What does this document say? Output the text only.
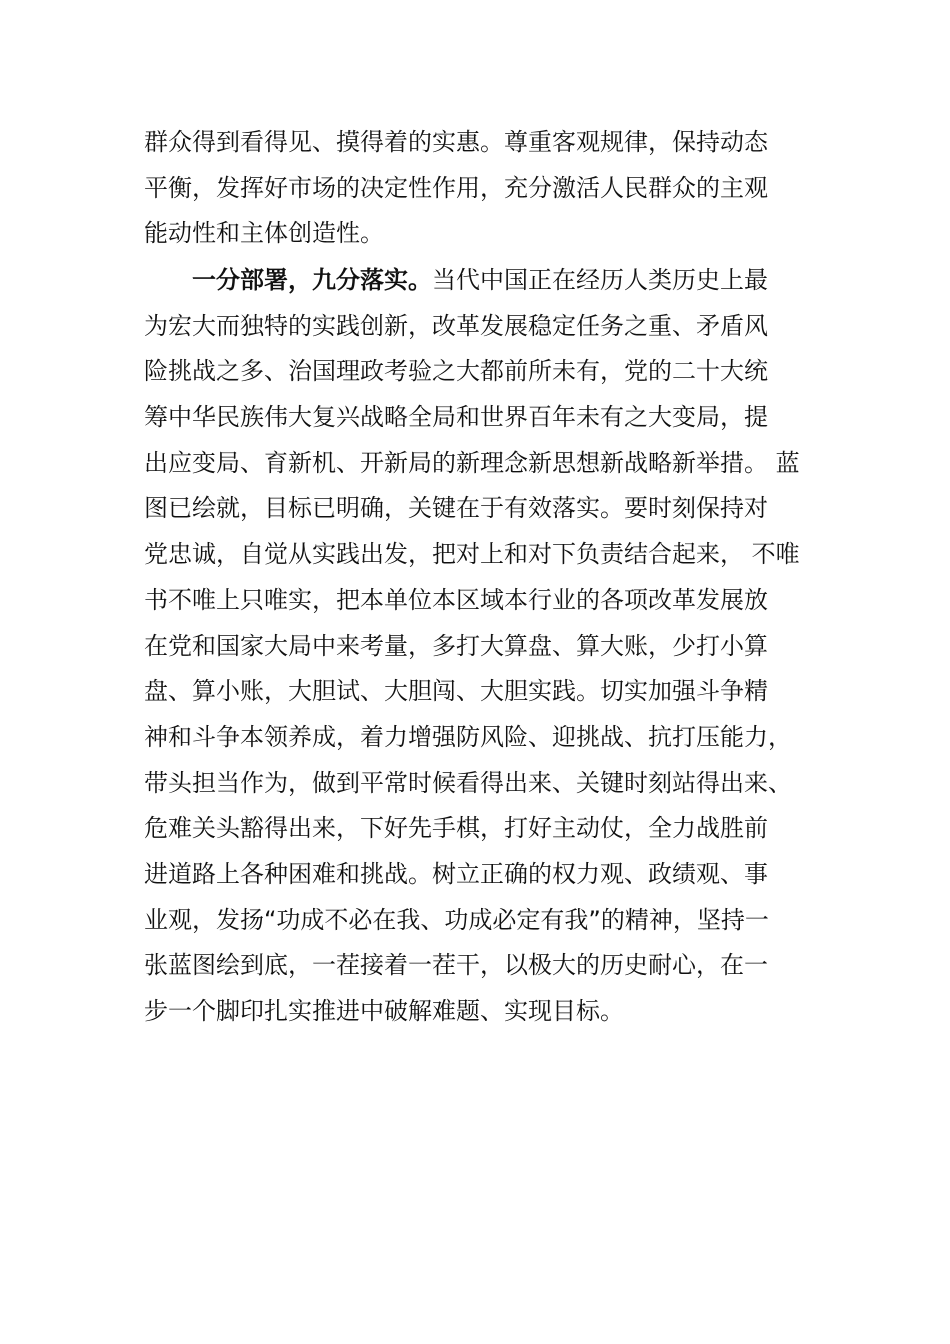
群众得到看得见、摸得着的实惠。尊重客观规律，保持动态
平衡，发挥好市场的决定性作用，充分激活人民群众的主观
能动性和主体创造性。
一分部署，九分落实。当代中国正在经历人类历史上最
为宏大而独特的实践创新，改革发展稳定任务之重、矛盾风
险挑战之多、治国理政考验之大都前所未有，党的二十大统
筹中华民族伟大复兴战略全局和世界百年未有之大变局，提
出应变局、育新机、开新局的新理念新思想新战略新举措。 蓝
图已绘就，目标已明确，关键在于有效落实。要时刻保持对
党忠诚，自觉从实践出发，把对上和对下负责结合起来， 不唯
书不唯上只唯实，把本单位本区域本行业的各项改革发展放
在党和国家大局中来考量，多打大算盘、算大账，少打小算
盘、算小账，大胆试、大胆闯、大胆实践。切实加强斗争精
神和斗争本领养成，着力增强防风险、迎挑战、抗打压能力，
带头担当作为，做到平常时候看得出来、关键时刻站得出来、
危难关头豁得出来，下好先手棋，打好主动仗，全力战胜前
进道路上各种困难和挑战。树立正确的权力观、政绩观、事
业观，发扬“功成不必在我、功成必定有我”的精神，坚持一
张蓝图绘到底，一茬接着一茬干，以极大的历史耐心，在一
步一个脚印扎实推进中破解难题、实现目标。
